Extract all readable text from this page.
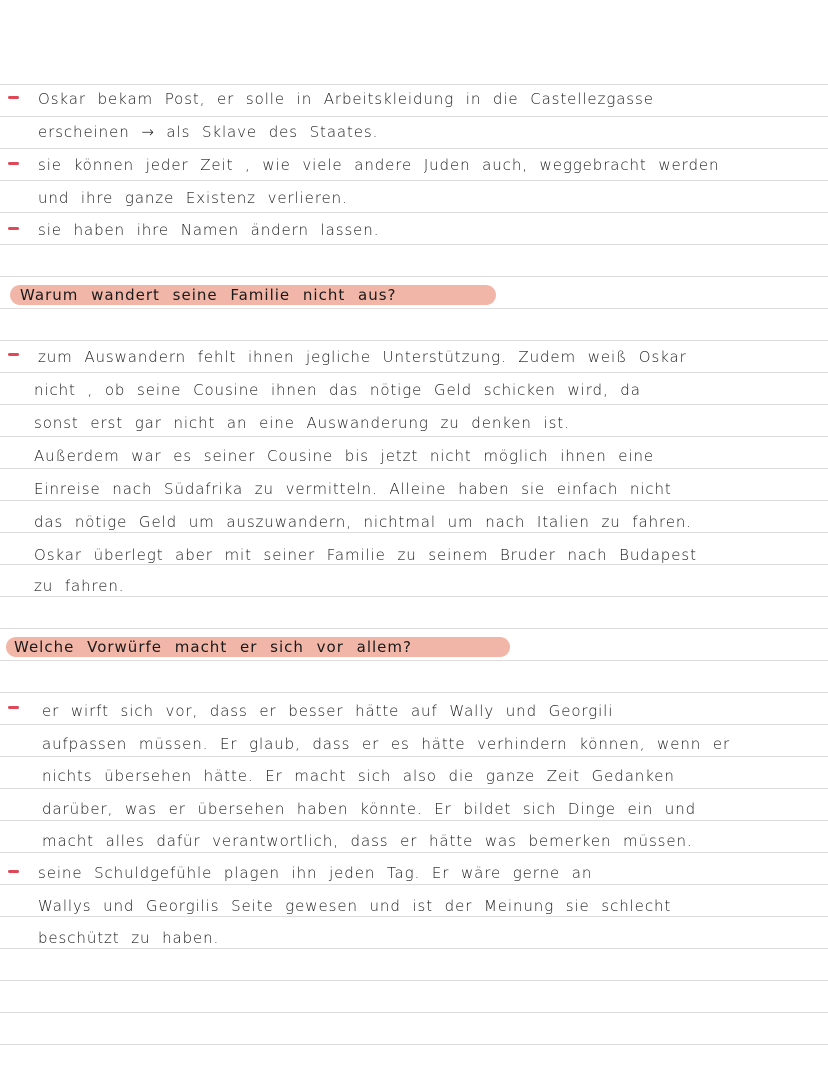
Oskar bekam Post, er solle in Arbeitskleidung in die Castellezgasse
erscheinen → als Sklave des Staates.
sie können jeder Zeit , wie viele andere Juden auch, weggebracht werden
und ihre ganze Existenz verlieren.
sie haben ihre Namen ändern lassen.
Warum wandert seine Familie nicht aus?
zum Auswandern fehlt ihnen jegliche Unterstützung. Zudem weiß Oskar
nicht , ob seine Cousine ihnen das nötige Geld schicken wird, da
sonst erst gar nicht an eine Auswanderung zu denken ist.
Außerdem war es seiner Cousine bis jetzt nicht möglich ihnen eine
Einreise nach Südafrika zu vermitteln. Alleine haben sie einfach nicht
das nötige Geld um auszuwandern, nichtmal um nach Italien zu fahren.
Oskar überlegt aber mit seiner Familie zu seinem Bruder nach Budapest
zu fahren.
Welche Vorwürfe macht er sich vor allem?
er wirft sich vor, dass er besser hätte auf Wally und Georgili
aufpassen müssen. Er glaub, dass er es hätte verhindern können, wenn er
nichts übersehen hätte. Er macht sich also die ganze Zeit Gedanken
darüber, was er übersehen haben könnte. Er bildet sich Dinge ein und
macht alles dafür verantwortlich, dass er hätte was bemerken müssen.
seine Schuldgefühle plagen ihn jeden Tag. Er wäre gerne an
Wallys und Georgilis Seite gewesen und ist der Meinung sie schlecht
beschützt zu haben.
